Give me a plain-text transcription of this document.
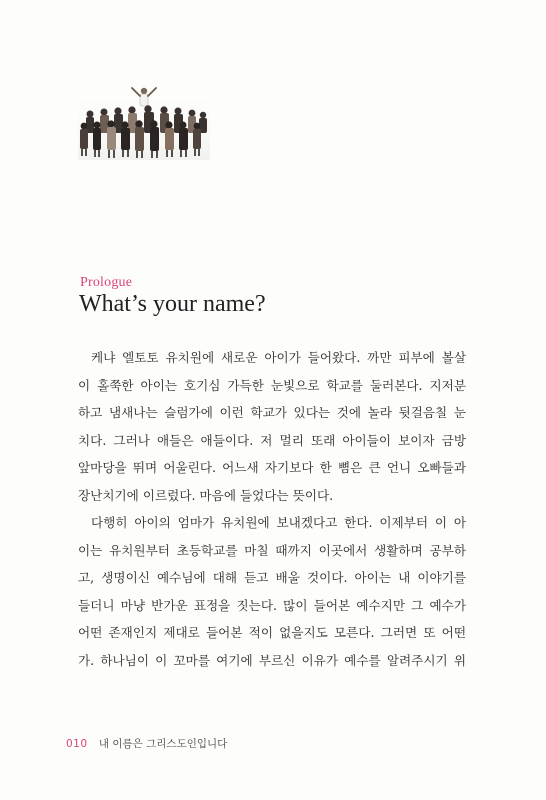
Prologue
What’s your name?
케냐 엘토토 유치원에 새로운 아이가 들어왔다. 까만 피부에 볼살
이 홀쭉한 아이는 호기심 가득한 눈빛으로 학교를 둘러본다. 지저분
하고 냄새나는 슬럼가에 이런 학교가 있다는 것에 놀라 뒷걸음칠 눈
치다. 그러나 애들은 애들이다. 저 멀리 또래 아이들이 보이자 금방
앞마당을 뛰며 어울린다. 어느새 자기보다 한 뼘은 큰 언니 오빠들과
장난치기에 이르렀다. 마음에 들었다는 뜻이다.
다행히 아이의 엄마가 유치원에 보내겠다고 한다. 이제부터 이 아
이는 유치원부터 초등학교를 마칠 때까지 이곳에서 생활하며 공부하
고, 생명이신 예수님에 대해 듣고 배울 것이다. 아이는 내 이야기를
들더니 마냥 반가운 표정을 짓는다. 많이 들어본 예수지만 그 예수가
어떤 존재인지 제대로 들어본 적이 없을지도 모른다. 그러면 또 어떤
가. 하나님이 이 꼬마를 여기에 부르신 이유가 예수를 알려주시기 위
010 내 이름은 그리스도인입니다
